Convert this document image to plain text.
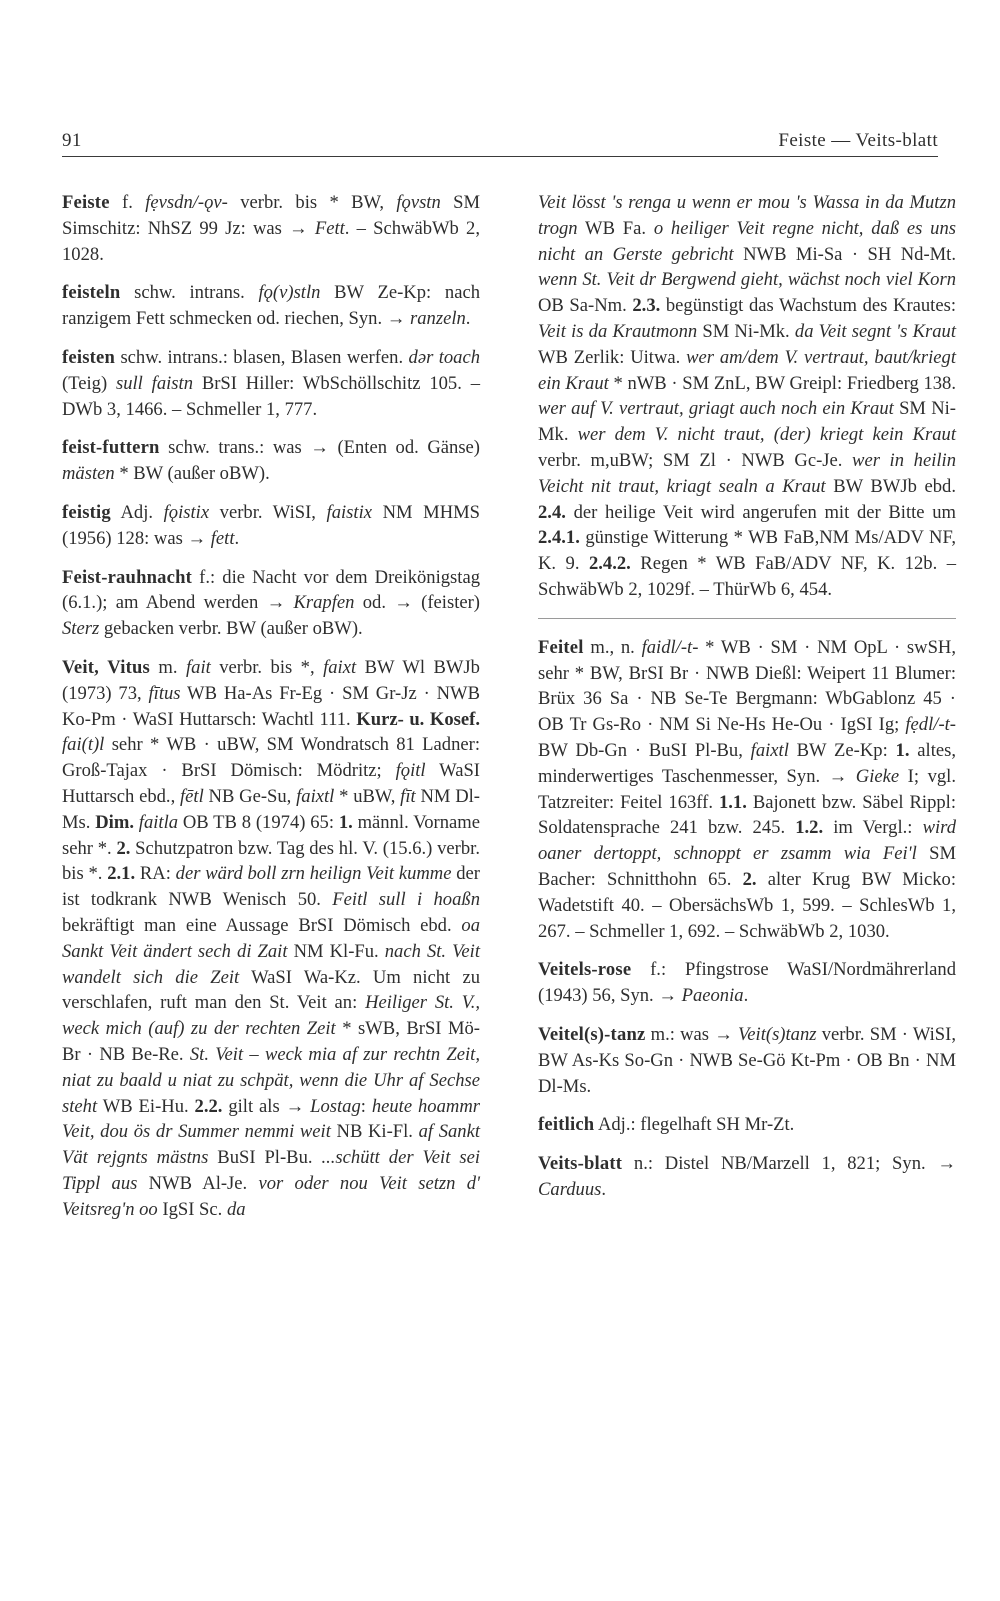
91	Feiste — Veits-blatt

Feiste f. fẹvsdn/-ǫv- verbr. bis * BW, fǫvstn SM Simschitz: NhSZ 99 Jz: was → Fett. – SchwäbWb 2, 1028.

feisteln schw. intrans. fǫ(v)stln BW Ze-Kp: nach ranzigem Fett schmecken od. riechen, Syn. → ranzeln.

feisten schw. intrans.: blasen, Blasen werfen. dər toach (Teig) sull faistn BrSI Hiller: WbSchöllschitz 105. – DWb 3, 1466. – Schmeller 1, 777.

feist-futtern schw. trans.: was → (Enten od. Gänse) mästen * BW (außer oBW).

feistig Adj. fǫistix verbr. WiSI, faistix NM MHMS (1956) 128: was → fett.

Feist-rauhnacht f.: die Nacht vor dem Dreikönigstag (6.1.); am Abend werden → Krapfen od. → (feister) Sterz gebacken verbr. BW (außer oBW).

Veit, Vitus m. fait verbr. bis *, faixt BW Wl BWJb (1973) 73, fītus WB Ha-As Fr-Eg · SM Gr-Jz · NWB Ko-Pm · WaSI Huttarsch: Wachtl 111. Kurz- u. Kosef. fai(t)l sehr * WB · uBW, SM Wondratsch 81 Ladner: Groß-Tajax · BrSI Dömisch: Mödritz; fǫitl WaSI Huttarsch ebd., fētl NB Ge-Su, faixtl * uBW, fīt NM Dl-Ms. Dim. faitla OB TB 8 (1974) 65: 1. männl. Vorname sehr *. 2. Schutzpatron bzw. Tag des hl. V. (15.6.) verbr. bis *. 2.1. RA: der wärd boll zrn heilign Veit kumme der ist todkrank NWB Wenisch 50. Feitl sull i hoaßn bekräftigt man eine Aussage BrSI Dömisch ebd. oa Sankt Veit ändert sech di Zait NM Kl-Fu. nach St. Veit wandelt sich die Zeit WaSI Wa-Kz. Um nicht zu verschlafen, ruft man den St. Veit an: Heiliger St. V., weck mich (auf) zu der rechten Zeit * sWB, BrSI Mö-Br · NB Be-Re. St. Veit – weck mia af zur rechtn Zeit, niat zu baald u niat zu schpät, wenn die Uhr af Sechse steht WB Ei-Hu. 2.2. gilt als → Lostag: heute hoammr Veit, dou ös dr Summer nemmi weit NB Ki-Fl. af Sankt Vät rejgnts mästns BuSI Pl-Bu. ...schütt der Veit sei Tippl aus NWB Al-Je. vor oder nou Veit setzn d' Veitsreg'n oo IgSI Sc. da

Veit lösst 's renga u wenn er mou 's Wassa in da Mutzn trogn WB Fa. o heiliger Veit regne nicht, daß es uns nicht an Gerste gebricht NWB Mi-Sa · SH Nd-Mt. wenn St. Veit dr Bergwend gieht, wächst noch viel Korn OB Sa-Nm. 2.3. begünstigt das Wachstum des Krautes: Veit is da Krautmonn SM Ni-Mk. da Veit segnt 's Kraut WB Zerlik: Uitwa. wer am/dem V. vertraut, baut/kriegt ein Kraut * nWB · SM ZnL, BW Greipl: Friedberg 138. wer auf V. vertraut, griagt auch noch ein Kraut SM Ni-Mk. wer dem V. nicht traut, (der) kriegt kein Kraut verbr. m,uBW; SM Zl · NWB Gc-Je. wer in heilin Veicht nit traut, kriagt sealn a Kraut BW BWJb ebd. 2.4. der heilige Veit wird angerufen mit der Bitte um 2.4.1. günstige Witterung * WB FaB,NM Ms/ADV NF, K. 9. 2.4.2. Regen * WB FaB/ADV NF, K. 12b. – SchwäbWb 2, 1029f. – ThürWb 6, 454.

Feitel m., n. faidl/-t- * WB · SM · NM OpL · swSH, sehr * BW, BrSI Br · NWB Dießl: Weipert 11 Blumer: Brüx 36 Sa · NB Se-Te Bergmann: WbGablonz 45 · OB Tr Gs-Ro · NM Si Ne-Hs He-Ou · IgSI Ig; fẹdl/-t- BW Db-Gn · BuSI Pl-Bu, faixtl BW Ze-Kp: 1. altes, minderwertiges Taschenmesser, Syn. → Gieke I; vgl. Tatzreiter: Feitel 163ff. 1.1. Bajonett bzw. Säbel Rippl: Soldatensprache 241 bzw. 245. 1.2. im Vergl.: wird oaner dertoppt, schnoppt er zsamm wia Fei'l SM Bacher: Schnitthohn 65. 2. alter Krug BW Micko: Wadetstift 40. – ObersächsWb 1, 599. – SchlesWb 1, 267. – Schmeller 1, 692. – SchwäbWb 2, 1030.

Veitels-rose f.: Pfingstrose WaSI/Nordmährerland (1943) 56, Syn. → Paeonia.

Veitel(s)-tanz m.: was → Veit(s)tanz verbr. SM · WiSI, BW As-Ks So-Gn · NWB Se-Gö Kt-Pm · OB Bn · NM Dl-Ms.

feitlich Adj.: flegelhaft SH Mr-Zt.

Veits-blatt n.: Distel NB/Marzell 1, 821; Syn. → Carduus.
